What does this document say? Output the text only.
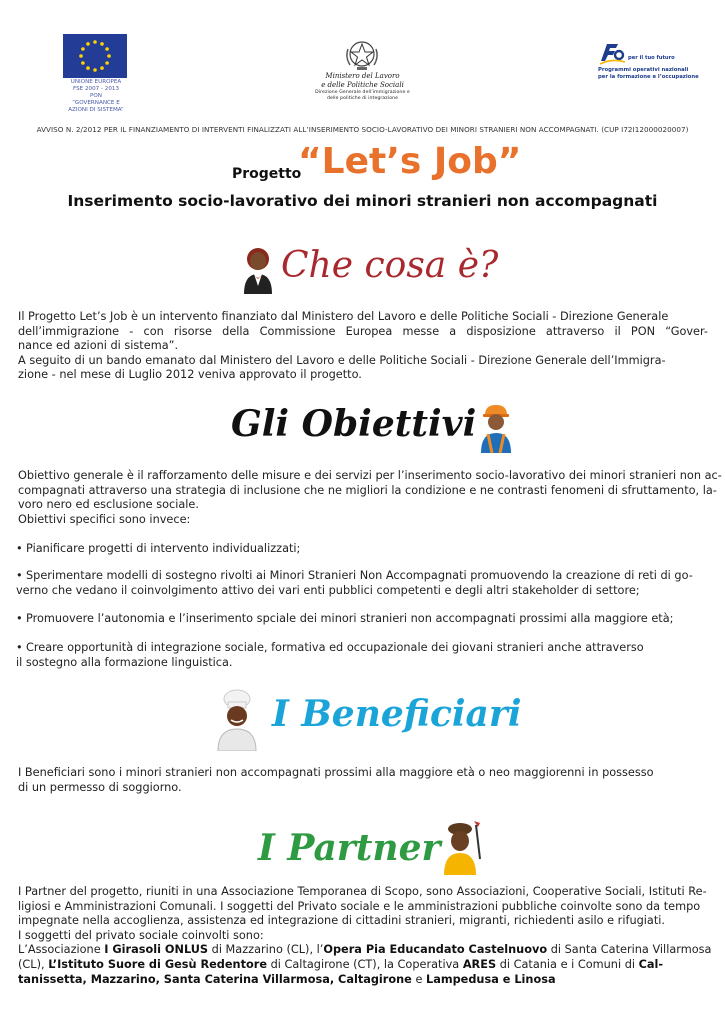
UNIONE EUROPEA
FSE 2007 - 2013
PON
“GOVERNANCE E
AZIONI DI SISTEMA”
Ministero del Lavoro
e delle Politiche Sociali
Direzione Generale dell’immigrazione e
delle politiche di integrazione
per il tuo futuro
Programmi operativi nazionali
per la formazione e l’occupazione
AVVISO N. 2/2012 PER IL FINANZIAMENTO DI INTERVENTI FINALIZZATI ALL’INSERIMENTO SOCIO-LAVORATIVO DEI MINORI STRANIERI NON ACCOMPAGNATI. (CUP I72I12000020007)
Progetto
“Let’s Job”
Inserimento socio-lavorativo dei minori stranieri non accompagnati
Che cosa è?
Il Progetto Let’s Job è un intervento finanziato dal Ministero del Lavoro e delle Politiche Sociali - Direzione Generale
dell’immigrazione - con risorse della Commissione Europea messe a disposizione attraverso il PON “Gover-
nance ed azioni di sistema”.
A seguito di un bando emanato dal Ministero del Lavoro e delle Politiche Sociali - Direzione Generale dell’Immigra-
zione - nel mese di Luglio 2012 veniva approvato il progetto.
Gli Obiettivi
Obiettivo generale è il rafforzamento delle misure e dei servizi per l’inserimento socio-lavorativo dei minori stranieri non ac-
compagnati attraverso una strategia di inclusione che ne migliori la condizione e ne contrasti fenomeni di sfruttamento, la-
voro nero ed esclusione sociale.
Obiettivi specifici sono invece:
• Pianificare progetti di intervento individualizzati;
• Sperimentare modelli di sostegno rivolti ai Minori Stranieri Non Accompagnati promuovendo la creazione di reti di go-
verno che vedano il coinvolgimento attivo dei vari enti pubblici competenti e degli altri stakeholder di settore;
• Promuovere l’autonomia e l’inserimento spciale dei minori stranieri non accompagnati prossimi alla maggiore età;
• Creare opportunità di integrazione sociale, formativa ed occupazionale dei giovani stranieri anche attraverso
il sostegno alla formazione linguistica.
I Beneficiari
I Beneficiari sono i minori stranieri non accompagnati prossimi alla maggiore età o neo maggiorenni in possesso
di un permesso di soggiorno.
I Partner
I Partner del progetto, riuniti in una Associazione Temporanea di Scopo, sono Associazioni, Cooperative Sociali, Istituti Re-
ligiosi e Amministrazioni Comunali. I soggetti del Privato sociale e le amministrazioni pubbliche coinvolte sono da tempo
impegnate nella accoglienza, assistenza ed integrazione di cittadini stranieri, migranti, richiedenti asilo e rifugiati.
I soggetti del privato sociale coinvolti sono:
L’Associazione I Girasoli ONLUS di Mazzarino (CL), l’Opera Pia Educandato Castelnuovo di Santa Caterina Villarmosa
(CL), L’Istituto Suore di Gesù Redentore di Caltagirone (CT), la Coperativa ARES di Catania e i Comuni di Cal-
tanissetta, Mazzarino, Santa Caterina Villarmosa, Caltagirone e Lampedusa e Linosa
